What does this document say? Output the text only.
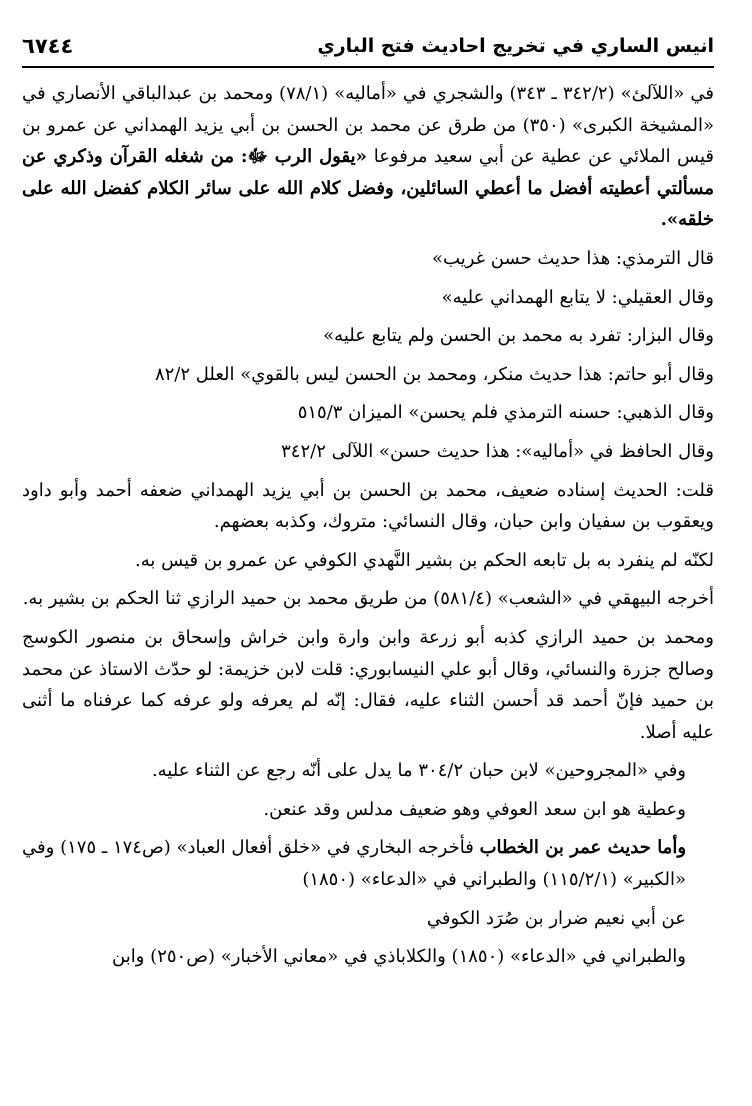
٦٧٤٤	انيس الساري في تخريج احاديث فتح الباري

في «اللآلئ» (٣٤٢/٢ ـ ٣٤٣) والشجري في «أماليه» (٧٨/١) ومحمد بن عبدالباقي الأنصاري في «المشيخة الكبرى» (٣٥٠) من طرق عن محمد بن الحسن بن أبي يزيد الهمداني عن عمرو بن قيس الملائي عن عطية عن أبي سعيد مرفوعا «يقول الرب ﷻ: من شغله القرآن وذكري عن مسألتي أعطيته أفضل ما أعطي السائلين، وفضل كلام الله على سائر الكلام كفضل الله على خلقه».

قال الترمذي: هذا حديث حسن غريب»

وقال العقيلي: لا يتابع الهمداني عليه»

وقال البزار: تفرد به محمد بن الحسن ولم يتابع عليه»

وقال أبو حاتم: هذا حديث منكر، ومحمد بن الحسن ليس بالقوي» العلل ٨٢/٢

وقال الذهبي: حسنه الترمذي فلم يحسن» الميزان ٥١٥/٣

وقال الحافظ في «أماليه»: هذا حديث حسن» اللآلى ٣٤٢/٢

قلت: الحديث إسناده ضعيف، محمد بن الحسن بن أبي يزيد الهمداني ضعفه أحمد وأبو داود ويعقوب بن سفيان وابن حبان، وقال النسائي: متروك، وكذبه بعضهم.

لكنّه لم ينفرد به بل تابعه الحكم بن بشير النَّهدي الكوفي عن عمرو بن قيس به.

أخرجه البيهقي في «الشعب» (٥٨١/٤) من طريق محمد بن حميد الرازي ثنا الحكم بن بشير به.

ومحمد بن حميد الرازي كذبه أبو زرعة وابن وارة وابن خراش وإسحاق بن منصور الكوسج وصالح جزرة والنسائي، وقال أبو علي النيسابوري: قلت لابن خزيمة: لو حدّث الاستاذ عن محمد بن حميد فإنّ أحمد قد أحسن الثناء عليه، فقال: إنّه لم يعرفه ولو عرفه كما عرفناه ما أثنى عليه أصلا.

وفي «المجروحين» لابن حبان ٣٠٤/٢ ما يدل على أنّه رجع عن الثناء عليه.

وعطية هو ابن سعد العوفي وهو ضعيف مدلس وقد عنعن.

وأما حديث عمر بن الخطاب فأخرجه البخاري في «خلق أفعال العباد» (ص١٧٤ ـ ١٧٥) وفي «الكبير» (١١٥/٢/١) والطبراني في «الدعاء» (١٨٥٠)

عن أبي نعيم ضرار بن صُرَد الكوفي

والطبراني في «الدعاء» (١٨٥٠) والكلاباذي في «معاني الأخبار» (ص٢٥٠) وابن
